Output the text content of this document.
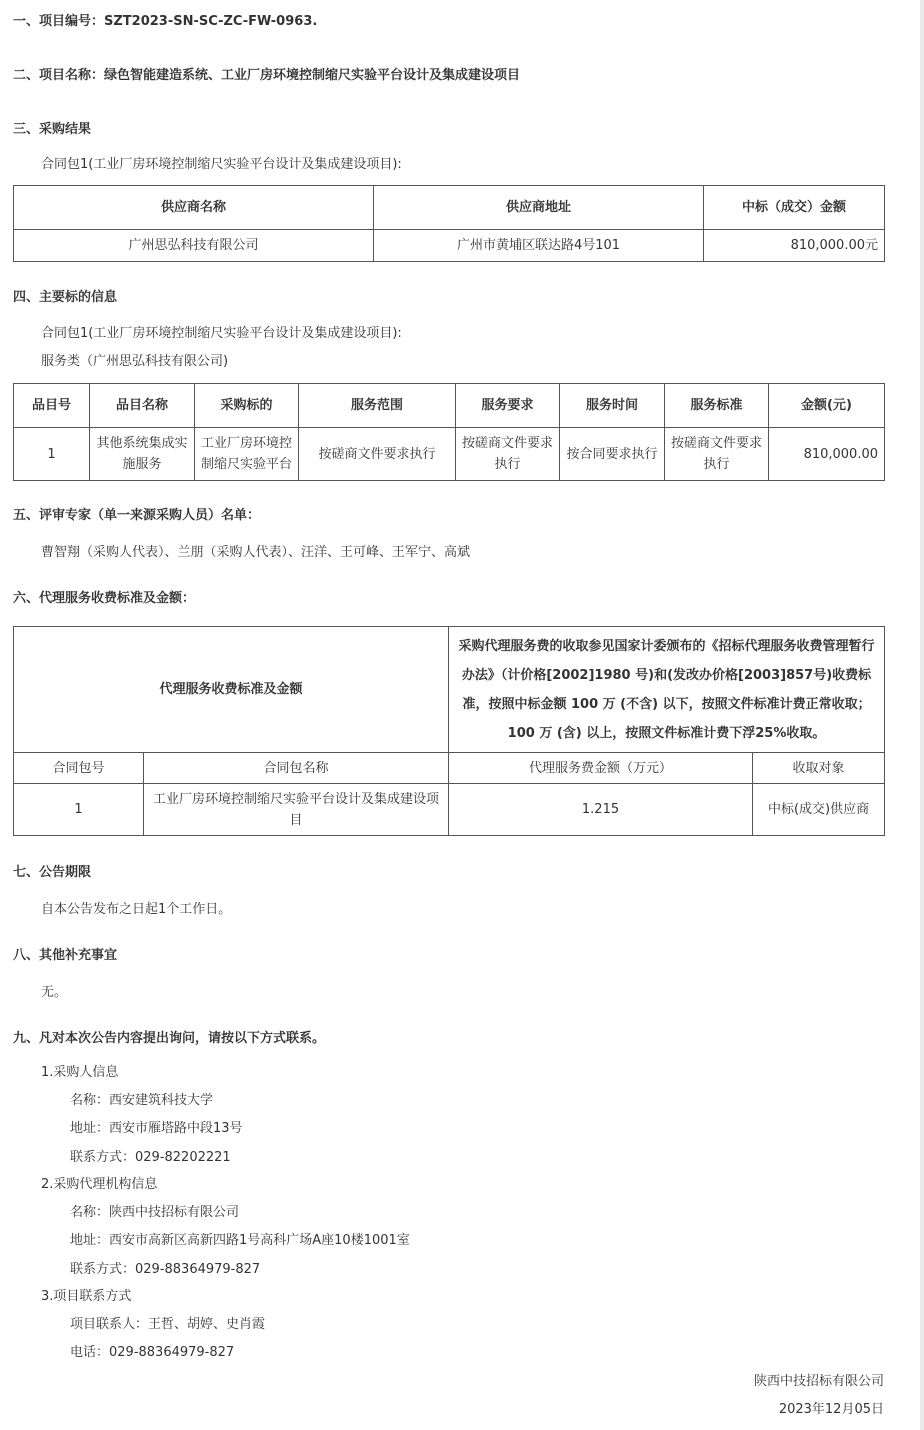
一、项目编号：SZT2023-SN-SC-ZC-FW-0963.
二、项目名称：绿色智能建造系统、工业厂房环境控制缩尺实验平台设计及集成建设项目
三、采购结果
合同包1(工业厂房环境控制缩尺实验平台设计及集成建设项目):
供应商名称	供应商地址	中标（成交）金额
广州思弘科技有限公司	广州市黄埔区联达路4号101	810,000.00元
四、主要标的信息
合同包1(工业厂房环境控制缩尺实验平台设计及集成建设项目):
服务类（广州思弘科技有限公司)
品目号	品目名称	采购标的	服务范围	服务要求	服务时间	服务标准	金额(元)
1	其他系统集成实施服务	工业厂房环境控制缩尺实验平台	按磋商文件要求执行	按磋商文件要求执行	按合同要求执行	按磋商文件要求执行	810,000.00
五、评审专家（单一来源采购人员）名单：
曹智翔（采购人代表）、兰朋（采购人代表）、汪洋、王可峰、王军宁、高斌
六、代理服务收费标准及金额：
代理服务收费标准及金额		采购代理服务费的收取参见国家计委颁布的《招标代理服务收费管理暂行办法》（计价格[2002]1980 号)和(发改办价格[2003]857号)收费标准，按照中标金额 100 万 (不含) 以下，按照文件标准计费正常收取；100 万 (含) 以上，按照文件标准计费下浮25%收取。	
合同包号	合同包名称	代理服务费金额（万元）	收取对象
1	工业厂房环境控制缩尺实验平台设计及集成建设项目	1.215	中标(成交)供应商
七、公告期限
自本公告发布之日起1个工作日。
八、其他补充事宜
无。
九、凡对本次公告内容提出询问，请按以下方式联系。
1.采购人信息
名称：西安建筑科技大学
地址：西安市雁塔路中段13号
联系方式：029-82202221
2.采购代理机构信息
名称：陕西中技招标有限公司
地址：西安市高新区高新四路1号高科广场A座10楼1001室
联系方式：029-88364979-827
3.项目联系方式
项目联系人：王哲、胡婷、史肖霞
电话：029-88364979-827
陕西中技招标有限公司
2023年12月05日
